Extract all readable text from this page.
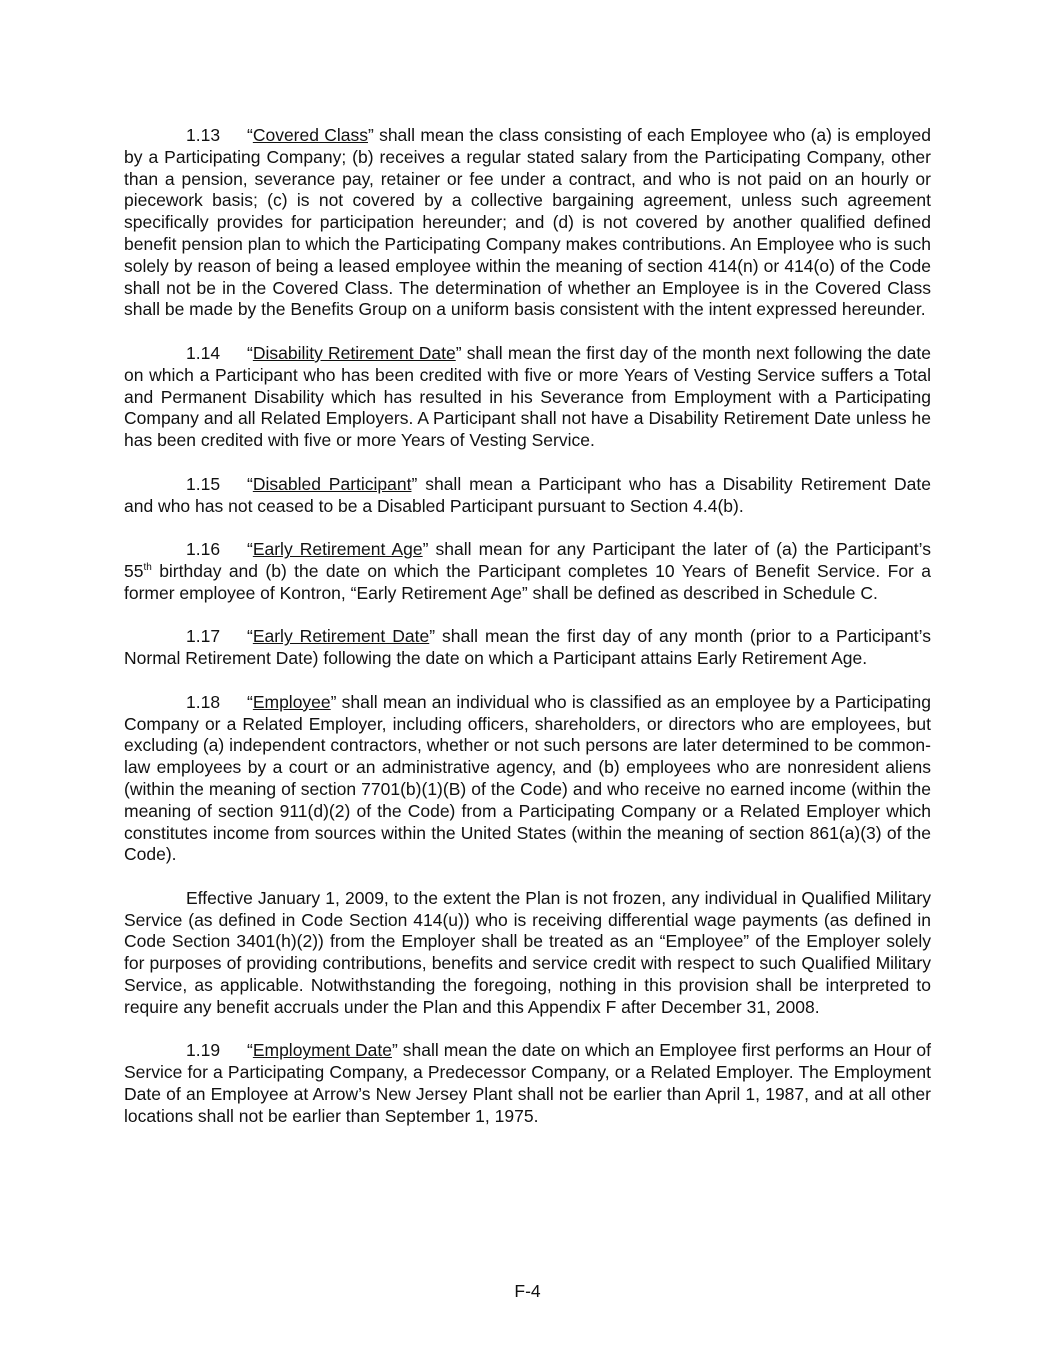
1.13 “Covered Class” shall mean the class consisting of each Employee who (a) is employed by a Participating Company; (b) receives a regular stated salary from the Participating Company, other than a pension, severance pay, retainer or fee under a contract, and who is not paid on an hourly or piecework basis; (c) is not covered by a collective bargaining agreement, unless such agreement specifically provides for participation hereunder; and (d) is not covered by another qualified defined benefit pension plan to which the Participating Company makes contributions. An Employee who is such solely by reason of being a leased employee within the meaning of section 414(n) or 414(o) of the Code shall not be in the Covered Class. The determination of whether an Employee is in the Covered Class shall be made by the Benefits Group on a uniform basis consistent with the intent expressed hereunder.

1.14 “Disability Retirement Date” shall mean the first day of the month next following the date on which a Participant who has been credited with five or more Years of Vesting Service suffers a Total and Permanent Disability which has resulted in his Severance from Employment with a Participating Company and all Related Employers. A Participant shall not have a Disability Retirement Date unless he has been credited with five or more Years of Vesting Service.

1.15 “Disabled Participant” shall mean a Participant who has a Disability Retirement Date and who has not ceased to be a Disabled Participant pursuant to Section 4.4(b).

1.16 “Early Retirement Age” shall mean for any Participant the later of (a) the Participant’s 55th birthday and (b) the date on which the Participant completes 10 Years of Benefit Service. For a former employee of Kontron, “Early Retirement Age” shall be defined as described in Schedule C.

1.17 “Early Retirement Date” shall mean the first day of any month (prior to a Participant’s Normal Retirement Date) following the date on which a Participant attains Early Retirement Age.

1.18 “Employee” shall mean an individual who is classified as an employee by a Participating Company or a Related Employer, including officers, shareholders, or directors who are employees, but excluding (a) independent contractors, whether or not such persons are later determined to be common-law employees by a court or an administrative agency, and (b) employees who are nonresident aliens (within the meaning of section 7701(b)(1)(B) of the Code) and who receive no earned income (within the meaning of section 911(d)(2) of the Code) from a Participating Company or a Related Employer which constitutes income from sources within the United States (within the meaning of section 861(a)(3) of the Code).

Effective January 1, 2009, to the extent the Plan is not frozen, any individual in Qualified Military Service (as defined in Code Section 414(u)) who is receiving differential wage payments (as defined in Code Section 3401(h)(2)) from the Employer shall be treated as an “Employee” of the Employer solely for purposes of providing contributions, benefits and service credit with respect to such Qualified Military Service, as applicable. Notwithstanding the foregoing, nothing in this provision shall be interpreted to require any benefit accruals under the Plan and this Appendix F after December 31, 2008.

1.19 “Employment Date” shall mean the date on which an Employee first performs an Hour of Service for a Participating Company, a Predecessor Company, or a Related Employer. The Employment Date of an Employee at Arrow’s New Jersey Plant shall not be earlier than April 1, 1987, and at all other locations shall not be earlier than September 1, 1975.

F-4
